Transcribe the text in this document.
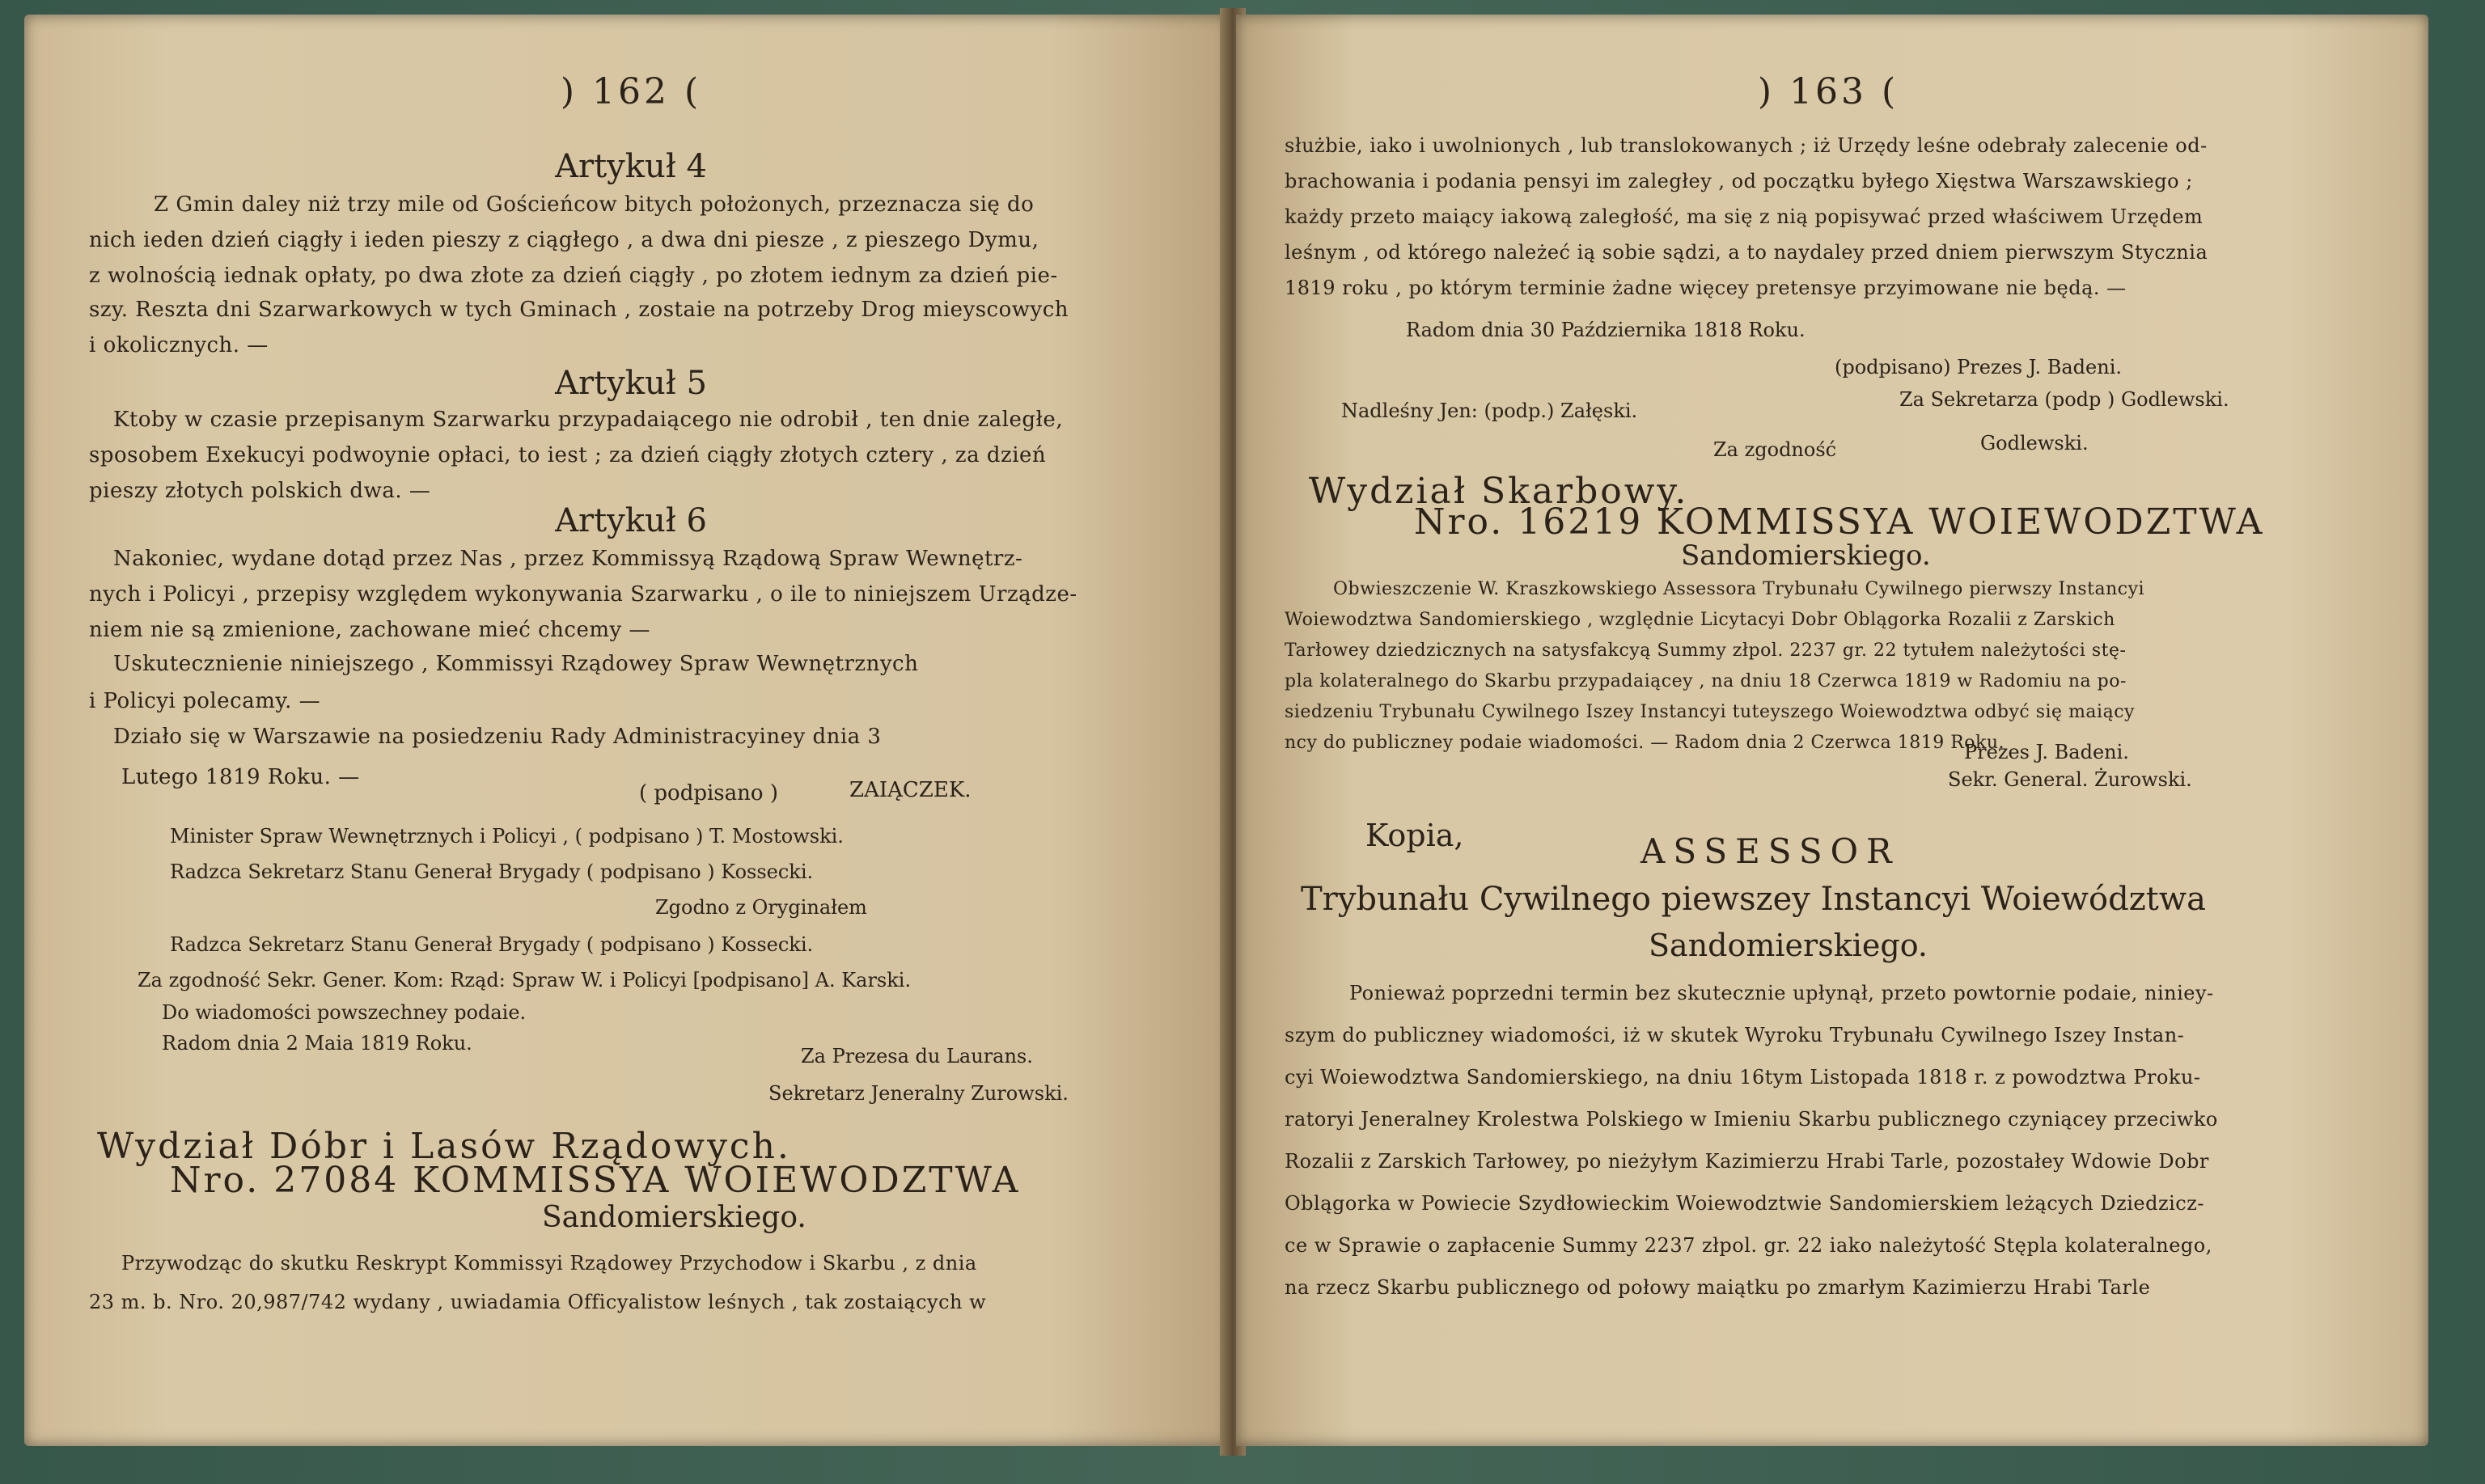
) 162 (
Artykuł 4
Z Gmin daley niż trzy mile od Gościeńcow bitych położonych, przeznacza się do
nich ieden dzień ciągły i ieden pieszy z ciągłego , a dwa dni piesze , z pieszego Dymu,
z wolnością iednak opłaty, po dwa złote za dzień ciągły , po złotem iednym za dzień pie-
szy. Reszta dni Szarwarkowych w tych Gminach , zostaie na potrzeby Drog mieyscowych
i okolicznych. —
Artykuł 5
Ktoby w czasie przepisanym Szarwarku przypadaiącego nie odrobił , ten dnie zaległe,
sposobem Exekucyi podwoynie opłaci, to iest ; za dzień ciągły złotych cztery , za dzień
pieszy złotych polskich dwa. —
Artykuł 6
Nakoniec, wydane dotąd przez Nas , przez Kommissyą Rządową Spraw Wewnętrz-
nych i Policyi , przepisy względem wykonywania Szarwarku , o ile to niniejszem Urządze-
niem nie są zmienione, zachowane mieć chcemy —
Uskutecznienie niniejszego , Kommissyi Rządowey Spraw Wewnętrznych
i Policyi polecamy. —
Działo się w Warszawie na posiedzeniu Rady Administracyiney dnia 3
Lutego 1819 Roku. —
( podpisano )	ZAIĄCZEK.
Minister Spraw Wewnętrznych i Policyi , ( podpisano ) T. Mostowski.
Radzca Sekretarz Stanu Generał Brygady ( podpisano ) Kossecki.
Zgodno z Oryginałem
Radzca Sekretarz Stanu Generał Brygady ( podpisano ) Kossecki.
Za zgodność Sekr. Gener. Kom: Rząd: Spraw W. i Policyi [podpisano] A. Karski.
Do wiadomości powszechney podaie.
Radom dnia 2 Maia 1819 Roku.
Za Prezesa du Laurans.
Sekretarz Jeneralny Zurowski.
Wydział Dóbr i Lasów Rządowych.
Nro. 27084 KOMMISSYA WOIEWODZTWA
Sandomierskiego.
Przywodząc do skutku Reskrypt Kommissyi Rządowey Przychodow i Skarbu , z dnia
23 m. b. Nro. 20,987/742 wydany , uwiadamia Officyalistow leśnych , tak zostaiących w
) 163 (
służbie, iako i uwolnionych , lub translokowanych ; iż Urzędy leśne odebrały zalecenie od-
brachowania i podania pensyi im zaległey , od początku byłego Xięstwa Warszawskiego ;
każdy przeto maiący iakową zaległość, ma się z nią popisywać przed właściwem Urzędem
leśnym , od którego należeć ią sobie sądzi, a to naydaley przed dniem pierwszym Stycznia
1819 roku , po którym terminie żadne więcey pretensye przyimowane nie będą. —
Radom dnia 30 Października 1818 Roku.
(podpisano) Prezes J. Badeni.
Nadleśny Jen: (podp.) Załęski.	Za Sekretarza (podp ) Godlewski.
Za zgodność	Godlewski.
Wydział Skarbowy.
Nro. 16219 KOMMISSYA WOIEWODZTWA
Sandomierskiego.
Obwieszczenie W. Kraszkowskiego Assessora Trybunału Cywilnego pierwszy Instancyi
Woiewodztwa Sandomierskiego , względnie Licytacyi Dobr Oblągorka Rozalii z Zarskich
Tarłowey dziedzicznych na satysfakcyą Summy złpol. 2237 gr. 22 tytułem należytości stę-
pla kolateralnego do Skarbu przypadaiącey , na dniu 18 Czerwca 1819 w Radomiu na po-
siedzeniu Trybunału Cywilnego Iszey Instancyi tuteyszego Woiewodztwa odbyć się maiący
ncy do publiczney podaie wiadomości. — Radom dnia 2 Czerwca 1819 Roku.
Prezes J. Badeni.
Sekr. General. Żurowski.
Kopia,	ASSESSOR
Trybunału Cywilnego piewszey Instancyi Woiewództwa
Sandomierskiego.
Ponieważ poprzedni termin bez skutecznie upłynął, przeto powtornie podaie, niniey-
szym do publiczney wiadomości, iż w skutek Wyroku Trybunału Cywilnego Iszey Instan-
cyi Woiewodztwa Sandomierskiego, na dniu 16tym Listopada 1818 r. z powodztwa Proku-
ratoryi Jeneralney Krolestwa Polskiego w Imieniu Skarbu publicznego czyniącey przeciwko
Rozalii z Zarskich Tarłowey, po nieżyłym Kazimierzu Hrabi Tarle, pozostałey Wdowie Dobr
Oblągorka w Powiecie Szydłowieckim Woiewodztwie Sandomierskiem leżących Dziedzicz-
ce w Sprawie o zapłacenie Summy 2237 złpol. gr. 22 iako należytość Stępla kolateralnego,
na rzecz Skarbu publicznego od połowy maiątku po zmarłym Kazimierzu Hrabi Tarle
